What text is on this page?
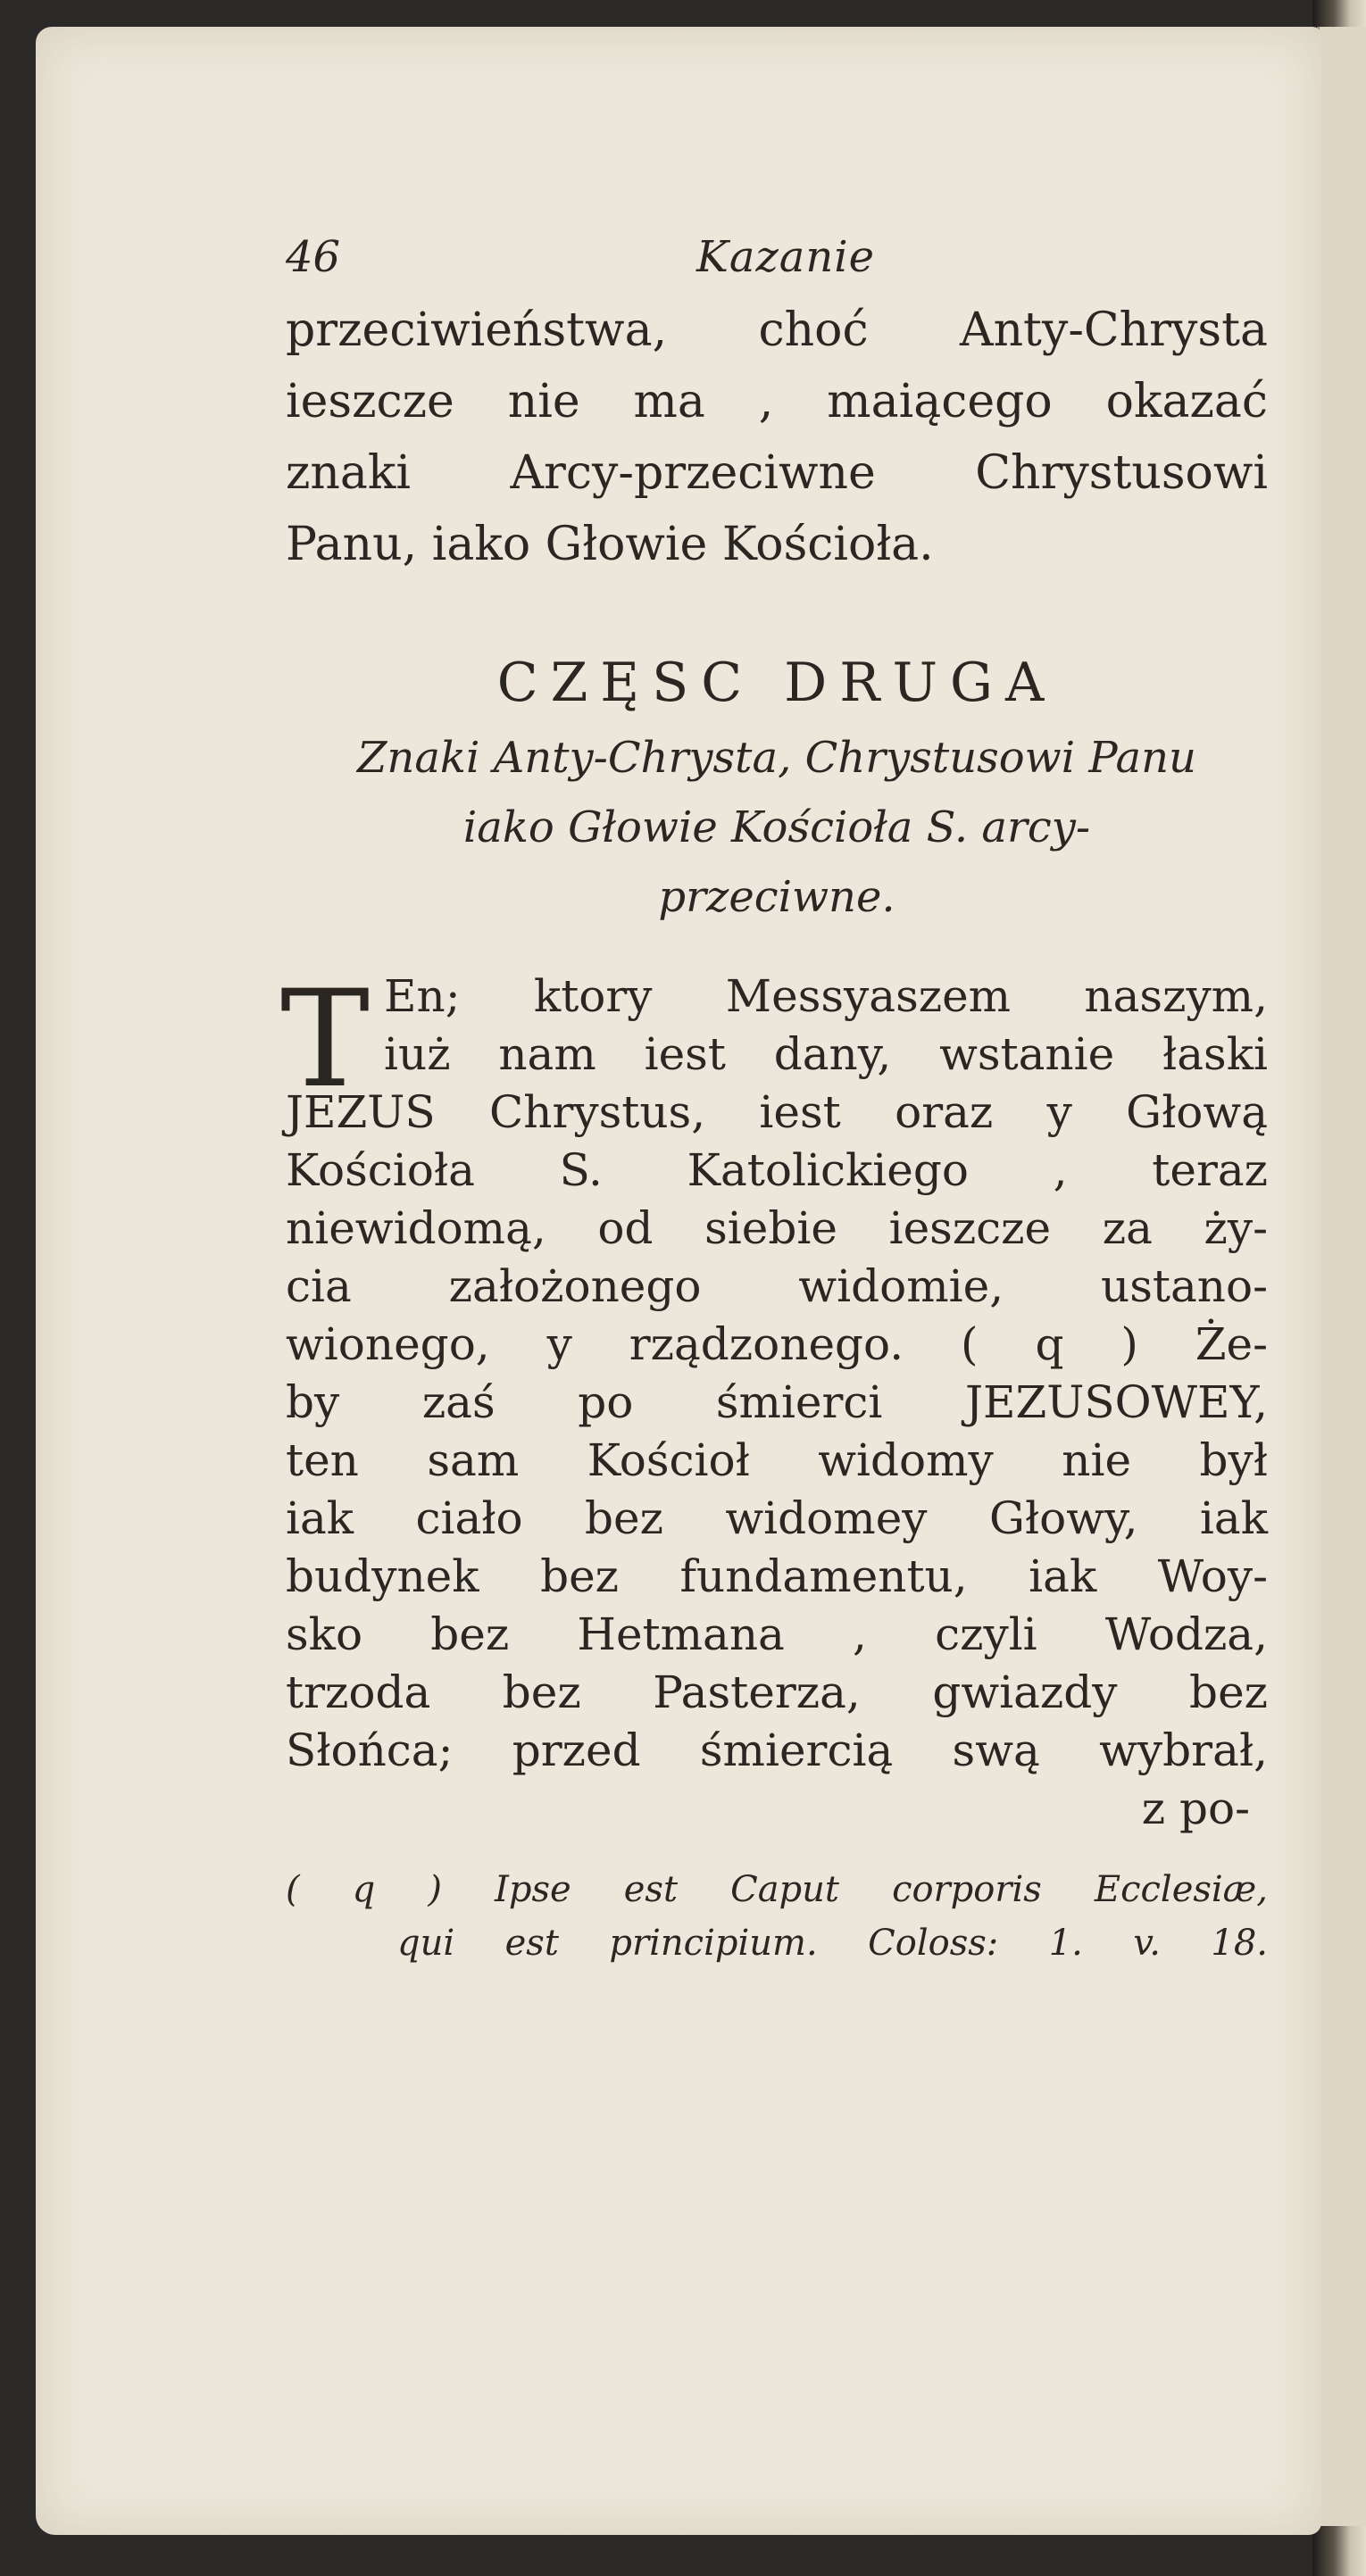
46	Kazanie
przeciwieństwa, choć Anty-Chrysta
ieszcze nie ma , maiącego okazać
znaki Arcy-przeciwne Chrystusowi
Panu, iako Głowie Kościoła.
CZĘSC DRUGA
Znaki Anty-Chrysta, Chrystusowi Panu
iako Głowie Kościoła S. arcy-
przeciwne.
T En; ktory Messyaszem naszym,
iuż nam iest dany, wstanie łaski
JEZUS Chrystus, iest oraz y Głową
Kościoła S. Katolickiego , teraz
niewidomą, od siebie ieszcze za ży-
cia założonego widomie, ustano-
wionego, y rządzonego. ( q ) Że-
by zaś po śmierci JEZUSOWEY,
ten sam Kościoł widomy nie był
iak ciało bez widomey Głowy, iak
budynek bez fundamentu, iak Woy-
sko bez Hetmana , czyli Wodza,
trzoda bez Pasterza, gwiazdy bez
Słońca; przed śmiercią swą wybrał,
z po-
( q ) Ipse est Caput corporis Ecclesiæ,
qui est principium. Coloss: 1. v. 18.
